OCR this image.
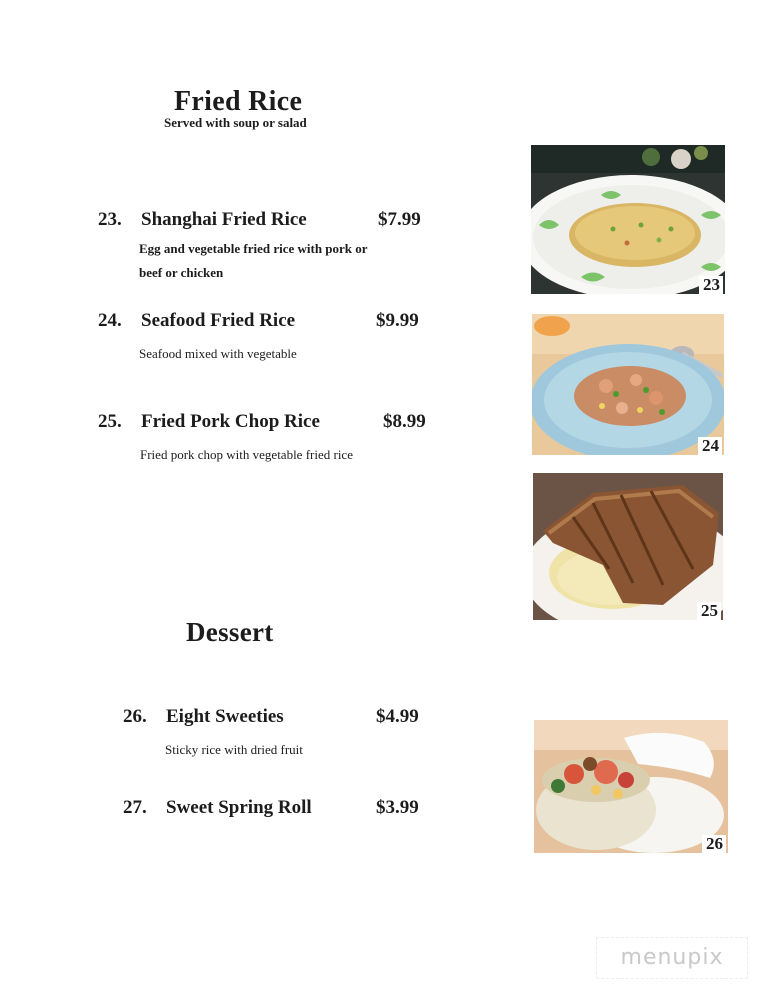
Fried Rice
Served with soup or salad
23. Shanghai Fried Rice	$7.99
Egg and vegetable fried rice with pork or
beef or chicken
24. Seafood Fried Rice	$9.99
Seafood mixed with vegetable
25. Fried Pork Chop Rice	$8.99
Fried pork chop with vegetable fried rice
Dessert
26. Eight Sweeties	$4.99
Sticky rice with dried fruit
27. Sweet Spring Roll	$3.99
23
24
25
26
menupix
